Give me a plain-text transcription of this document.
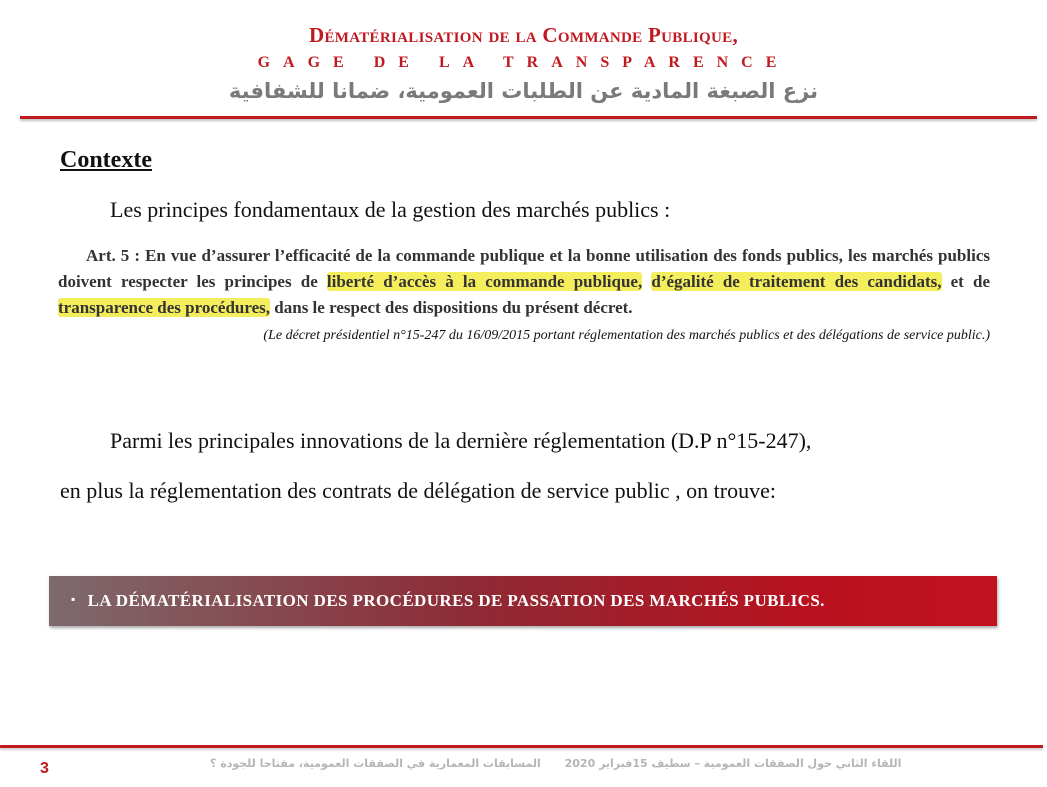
Dématérialisation de la Commande Publique,
GAGE DE LA TRANSPARENCE
نزع الصبغة المادية عن الطلبات العمومية، ضمانا للشفافية
Contexte
Les principes fondamentaux de la gestion des marchés publics :
Art. 5 : En vue d’assurer l’efficacité de la commande publique et la bonne utilisation des fonds publics, les marchés publics doivent respecter les principes de liberté d’accès à la commande publique, d’égalité de traitement des candidats, et de transparence des procédures, dans le respect des dispositions du présent décret.
(Le décret présidentiel n°15-247 du 16/09/2015 portant réglementation des marchés publics et des délégations de service public.)
Parmi les principales innovations de la dernière réglementation (D.P n°15-247),
en plus la réglementation des contrats de délégation de service public , on trouve:
▪ LA DÉMATÉRIALISATION DES PROCÉDURES DE PASSATION DES MARCHÉS PUBLICS.
3	المسابقات المعمارية في الصفقات العمومية، مفتاحا للجودة ؟ اللقاء الثاني حول الصفقات العمومية – سطيف 15فبراير 2020
